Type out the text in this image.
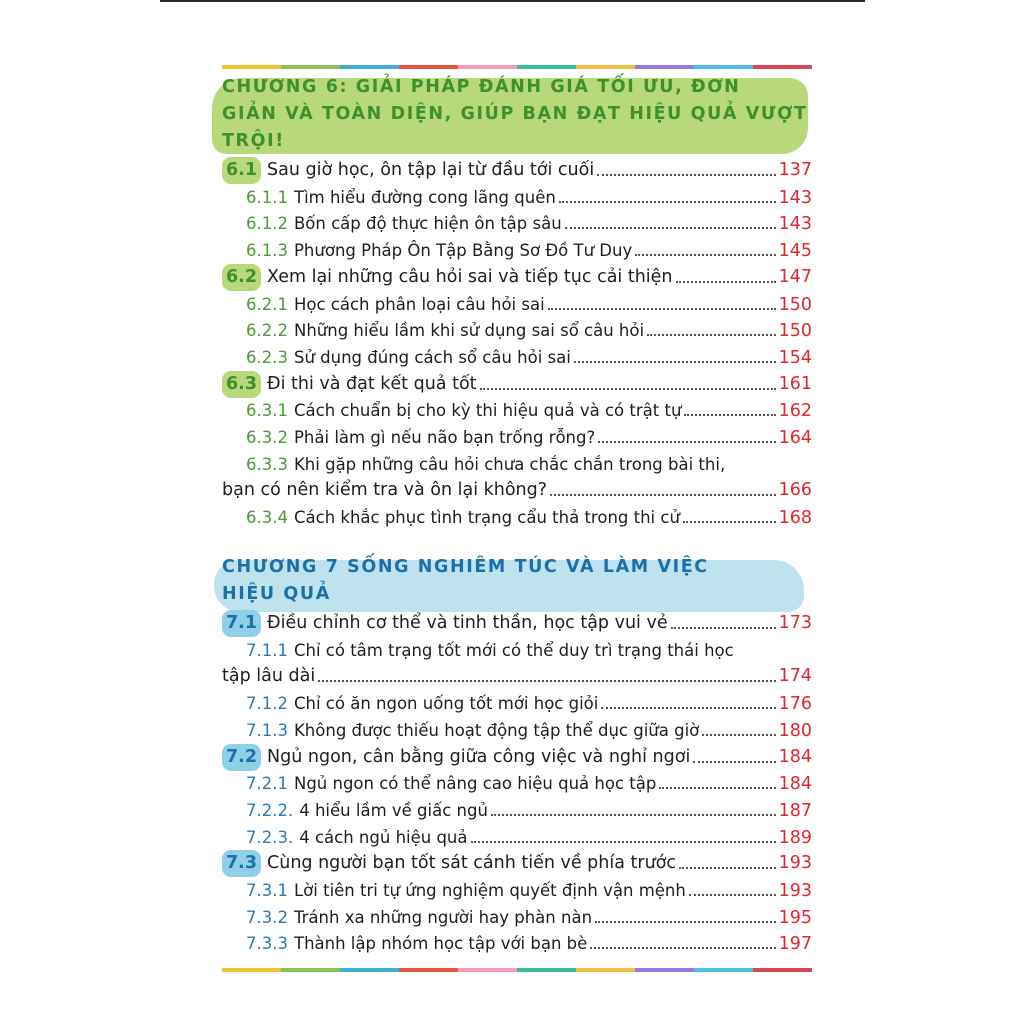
CHƯƠNG 6: GIẢI PHÁP ĐÁNH GIÁ TỐI ƯU, ĐƠN
GIẢN VÀ TOÀN DIỆN, GIÚP BẠN ĐẠT HIỆU QUẢ VƯỢT
TRỘI!
6.1 Sau giờ học, ôn tập lại từ đầu tới cuối	137
6.1.1 Tìm hiểu đường cong lãng quên	143
6.1.2 Bốn cấp độ thực hiện ôn tập sâu	143
6.1.3 Phương Pháp Ôn Tập Bằng Sơ Đồ Tư Duy	145
6.2 Xem lại những câu hỏi sai và tiếp tục cải thiện	147
6.2.1 Học cách phân loại câu hỏi sai	150
6.2.2 Những hiểu lầm khi sử dụng sai sổ câu hỏi	150
6.2.3 Sử dụng đúng cách sổ câu hỏi sai	154
6.3 Đi thi và đạt kết quả tốt	161
6.3.1 Cách chuẩn bị cho kỳ thi hiệu quả và có trật tự	162
6.3.2 Phải làm gì nếu não bạn trống rỗng?	164
6.3.3 Khi gặp những câu hỏi chưa chắc chắn trong bài thi,
bạn có nên kiểm tra và ôn lại không?	166
6.3.4 Cách khắc phục tình trạng cẩu thả trong thi cử	168
CHƯƠNG 7 SỐNG NGHIÊM TÚC VÀ LÀM VIỆC
HIỆU QUẢ
7.1 Điều chỉnh cơ thể và tinh thần, học tập vui vẻ	173
7.1.1 Chỉ có tâm trạng tốt mới có thể duy trì trạng thái học
tập lâu dài	174
7.1.2 Chỉ có ăn ngon uống tốt mới học giỏi	176
7.1.3 Không được thiếu hoạt động tập thể dục giữa giờ	180
7.2 Ngủ ngon, cân bằng giữa công việc và nghỉ ngơi	184
7.2.1 Ngủ ngon có thể nâng cao hiệu quả học tập	184
7.2.2. 4 hiểu lầm về giấc ngủ	187
7.2.3. 4 cách ngủ hiệu quả	189
7.3 Cùng người bạn tốt sát cánh tiến về phía trước	193
7.3.1 Lời tiên tri tự ứng nghiệm quyết định vận mệnh	193
7.3.2 Tránh xa những người hay phàn nàn	195
7.3.3 Thành lập nhóm học tập với bạn bè	197
